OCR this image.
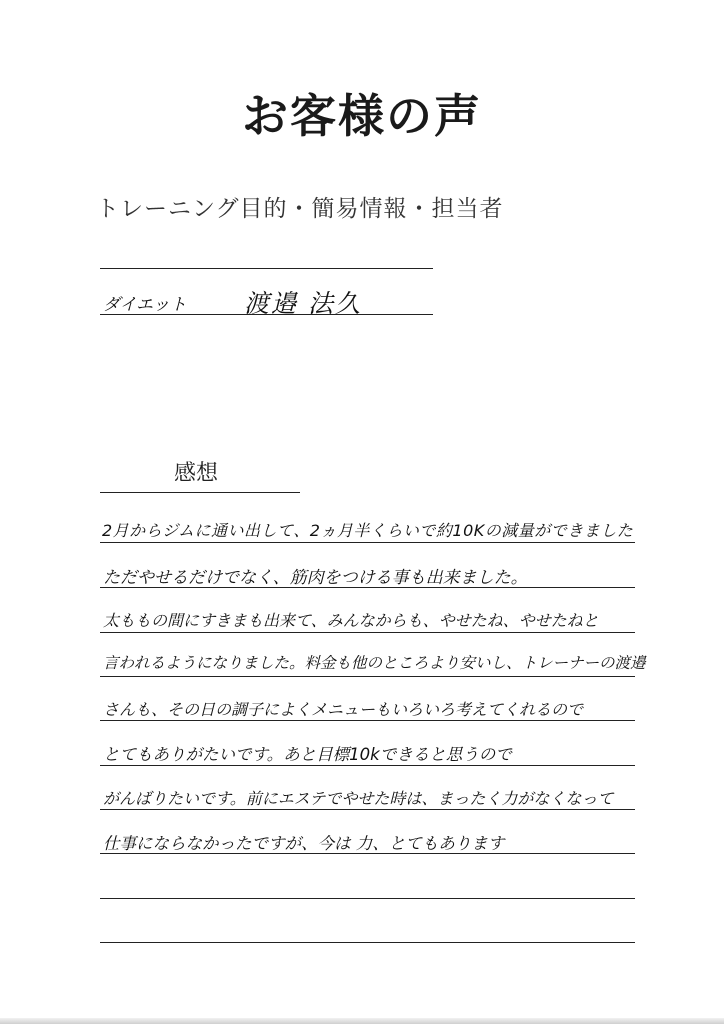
お客様の声
トレーニング目的・簡易情報・担当者
ダイエット 渡邉 法久
感想
2月からジムに通い出して、2ヵ月半くらいで約10Kの減量ができました
ただやせるだけでなく、筋肉をつける事も出来ました。
太ももの間にすきまも出来て、みんなからも、やせたね、やせたねと
言われるようになりました。料金も他のところより安いし、トレーナーの渡邉
さんも、その日の調子によくメニューもいろいろ考えてくれるので
とてもありがたいです。あと目標10kできると思うので
がんばりたいです。前にエステでやせた時は、まったく力がなくなって
仕事にならなかったですが、今は 力、とてもあります
